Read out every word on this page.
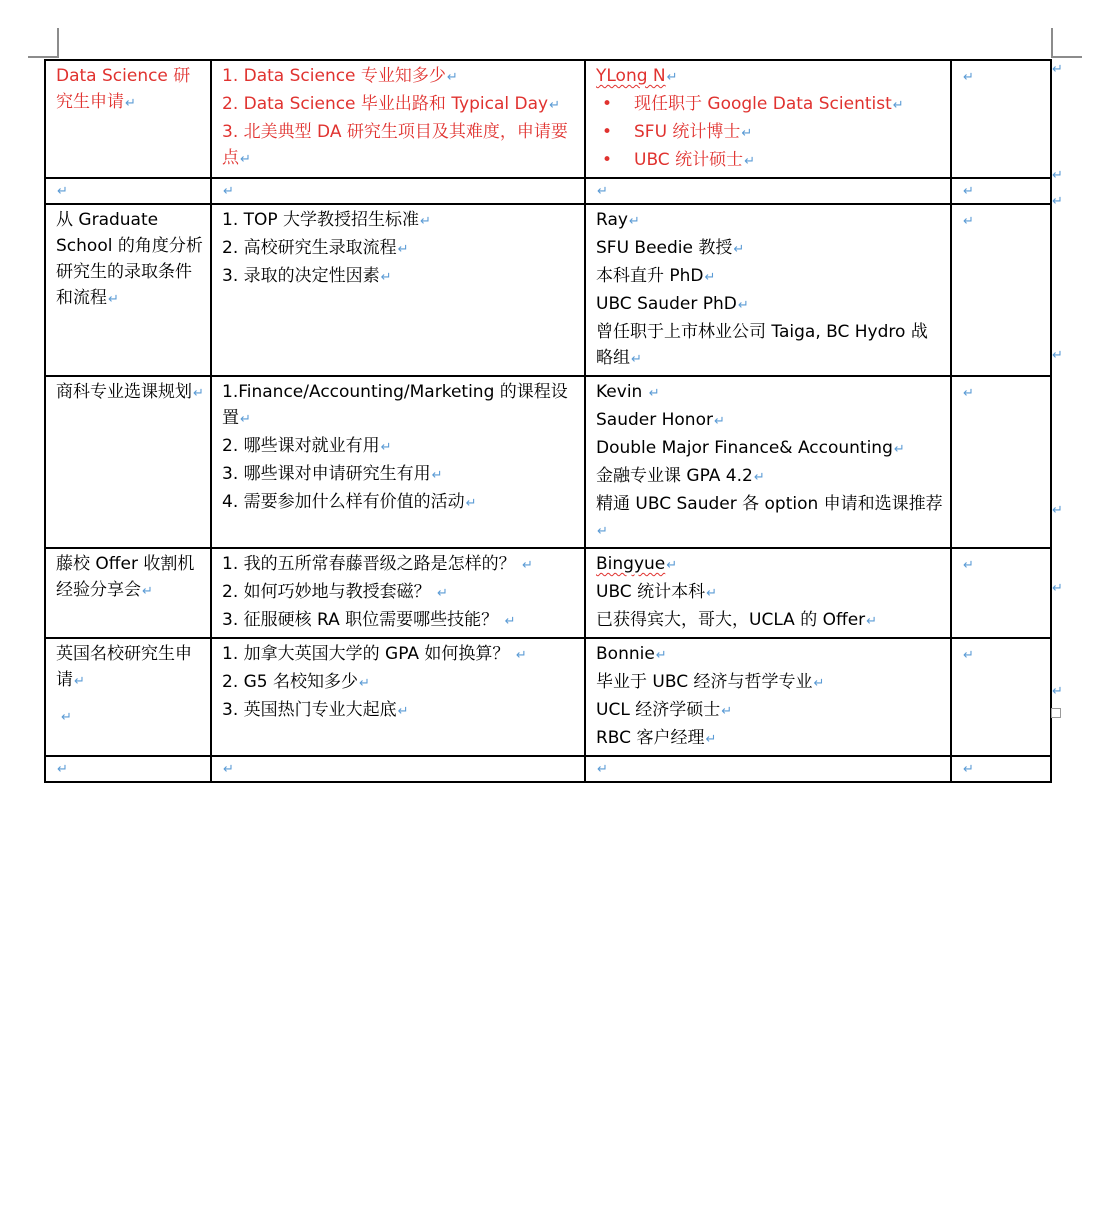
Data Science 研究生申请↵	1. Data Science 专业知多少↵
2. Data Science 毕业出路和 Typical Day↵
3. 北美典型 DA 研究生项目及其难度，申请要点↵	YLong N↵
• 现任职于 Google Data Scientist↵
• SFU 统计博士↵
• UBC 统计硕士↵	↵
↵	↵	↵	↵
从 Graduate School 的角度分析研究生的录取条件和流程↵	1. TOP 大学教授招生标准↵
2. 高校研究生录取流程↵
3. 录取的决定性因素↵	Ray↵
SFU Beedie 教授↵
本科直升 PhD↵
UBC Sauder PhD↵
曾任职于上市林业公司 Taiga, BC Hydro 战略组↵	↵
商科专业选课规划↵	1.Finance/Accounting/Marketing 的课程设置↵
2. 哪些课对就业有用↵
3. 哪些课对申请研究生有用↵
4. 需要参加什么样有价值的活动↵	Kevin ↵
Sauder Honor↵
Double Major Finance& Accounting↵
金融专业课 GPA 4.2↵
精通 UBC Sauder 各 option 申请和选课推荐↵	↵
藤校 Offer 收割机经验分享会↵	1. 我的五所常春藤晋级之路是怎样的？ ↵
2. 如何巧妙地与教授套磁？ ↵
3. 征服硬核 RA 职位需要哪些技能？ ↵	Bingyue↵
UBC 统计本科↵
已获得宾大，哥大，UCLA 的 Offer↵	↵
英国名校研究生申请↵	1. 加拿大英国大学的 GPA 如何换算？ ↵
2. G5 名校知多少↵
3. 英国热门专业大起底↵	Bonnie↵
毕业于 UBC 经济与哲学专业↵
UCL 经济学硕士↵
RBC 客户经理↵	↵
↵	↵	↵	↵
↵
↵
↵
↵
↵
↵
↵
↵
